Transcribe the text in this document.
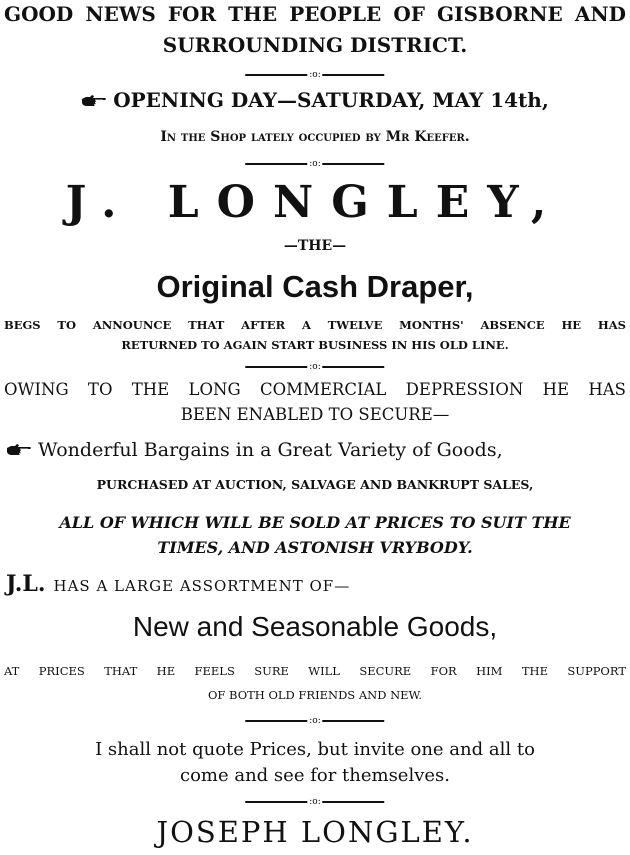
GOOD NEWS FOR THE PEOPLE OF GISBORNE AND
SURROUNDING DISTRICT.
:o:
OPENING DAY—SATURDAY, MAY 14th,
In the Shop lately occupied by Mr Keefer.
:o:
J. LONGLEY,
—THE—
Original Cash Draper,
BEGS TO ANNOUNCE THAT AFTER A TWELVE MONTHS' ABSENCE HE HAS
RETURNED TO AGAIN START BUSINESS IN HIS OLD LINE.
:o:
OWING TO THE LONG COMMERCIAL DEPRESSION HE HAS
BEEN ENABLED TO SECURE—
Wonderful Bargains in a Great Variety of Goods,
PURCHASED AT AUCTION, SALVAGE AND BANKRUPT SALES,
ALL OF WHICH WILL BE SOLD AT PRICES TO SUIT THE
TIMES, AND ASTONISH VRYBODY.
J.L. HAS A LARGE ASSORTMENT OF—
New and Seasonable Goods,
AT PRICES THAT HE FEELS SURE WILL SECURE FOR HIM THE SUPPORT
OF BOTH OLD FRIENDS AND NEW.
:o:
I shall not quote Prices, but invite one and all to
come and see for themselves.
:o:
JOSEPH LONGLEY.
